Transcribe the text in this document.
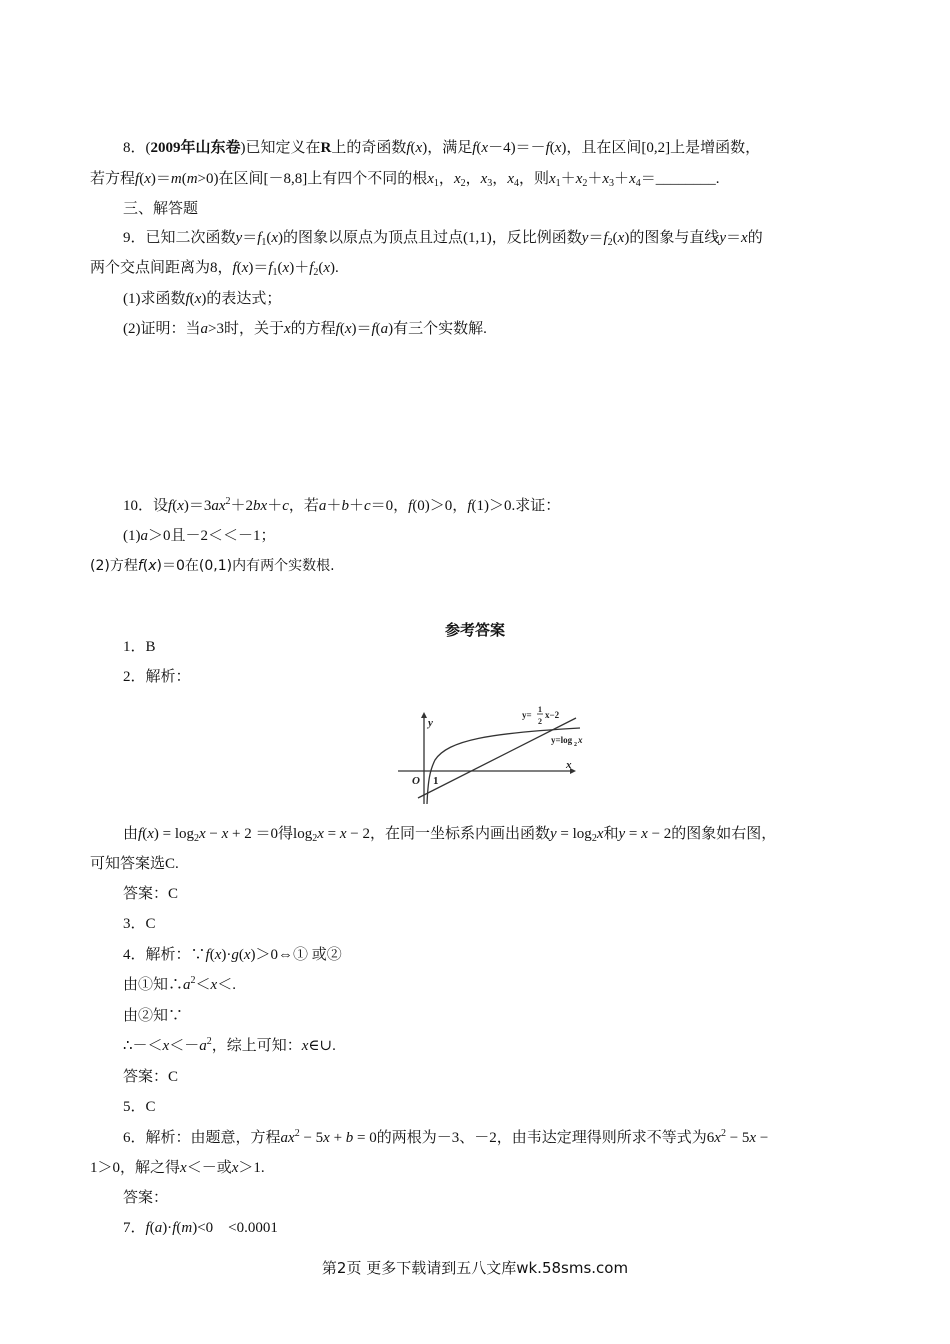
8．(2009年山东卷)已知定义在R上的奇函数f(x)，满足f(x－4)＝－f(x)，且在区间[0,2]上是增函数，
若方程f(x)＝m(m>0)在区间[－8,8]上有四个不同的根$x_1$，$x_2$，$x_3$，$x_4$，则$x_1+x_2+x_3+x_4=\_\_\_\_\_\_\_\_$.
三、解答题
9．已知二次函数$y=f_1(x)$的图象以原点为顶点且过点(1,1)，反比例函数$y=f_2(x)$的图象与直线y＝x的
两个交点间距离为8，$f(x)=f_1(x)+f_2(x)$.
(1)求函数f(x)的表达式；
(2)证明：当a>3时，关于x的方程f(x)＝f(a)有三个实数解.
10．设$f(x)=3ax^2+2bx+c$，若a＋b＋c＝0，f(0)＞0，f(1)＞0.求证：
(1)a＞0且－2＜＜－1；
(2)方程f(x)＝0在(0,1)内有两个实数根.
参考答案
1．B
2．解析：
y
x
O 1
y=
1
2
x−2
y=log 2 x
由$f(x) = \log_2x - x + 2 =0$得$\log_2x = x - 2$，在同一坐标系内画出函数$y = \log_2x$和y = x − 2的图象如右图，
可知答案选C.
答案：C
3．C
4．解析：∵f(x)·g(x)＞0⇔① 或②
由①知$\therefore a^2<x<$.
由②知∵
$\therefore-<x<-a^2$，综上可知：x∈∪.
答案：C
5．C
6．解析：由题意，方程$ax^2 - 5x + b = 0$的两根为－3、－2，由韦达定理得则所求不等式为$6x^2 - 5x$ −
1＞0，解之得x＜－或x＞1.
答案：
7．f(a)·f(m)<0　<0.0001
第2页 更多下载请到五八文库wk.58sms.com
